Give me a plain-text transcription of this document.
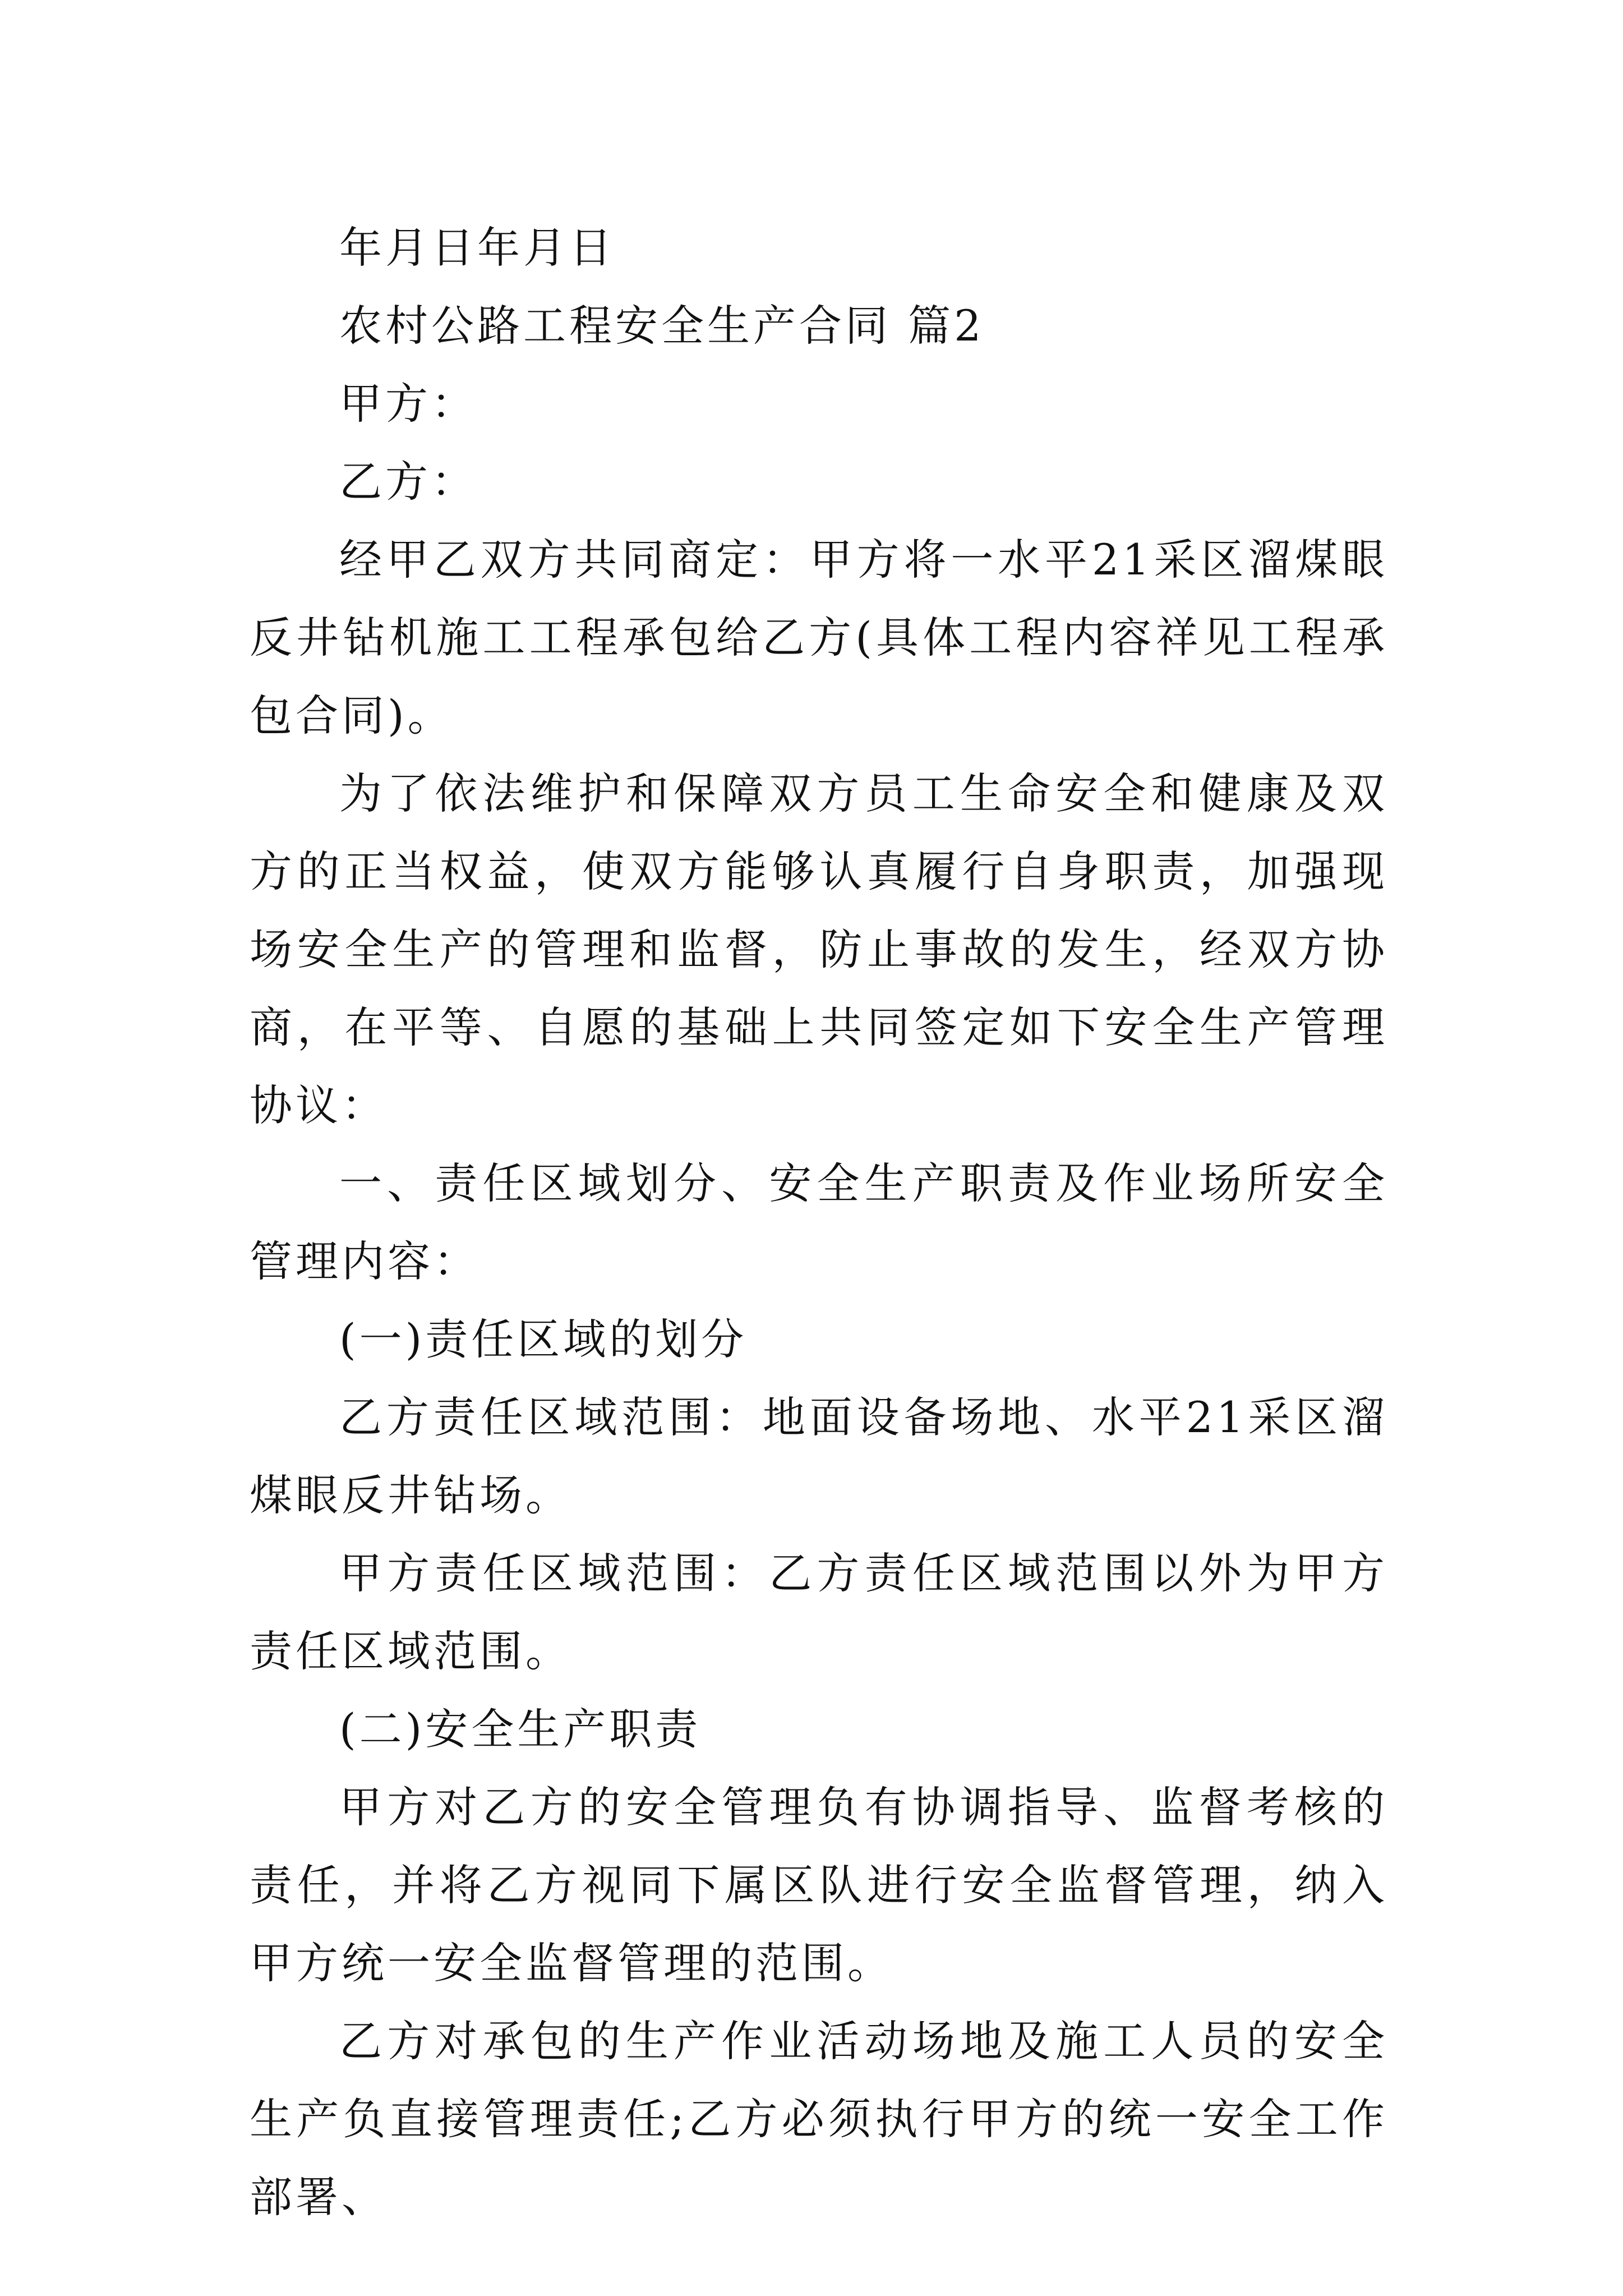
年月日年月日

农村公路工程安全生产合同 篇2

甲方：

乙方：

经甲乙双方共同商定：甲方将一水平21采区溜煤眼反井钻机施工工程承包给乙方(具体工程内容祥见工程承包合同)。

为了依法维护和保障双方员工生命安全和健康及双方的正当权益，使双方能够认真履行自身职责，加强现场安全生产的管理和监督，防止事故的发生，经双方协商，在平等、自愿的基础上共同签定如下安全生产管理协议：

一、责任区域划分、安全生产职责及作业场所安全管理内容：

(一)责任区域的划分

乙方责任区域范围：地面设备场地、水平21采区溜煤眼反井钻场。

甲方责任区域范围：乙方责任区域范围以外为甲方责任区域范围。

(二)安全生产职责

甲方对乙方的安全管理负有协调指导、监督考核的责任，并将乙方视同下属区队进行安全监督管理，纳入甲方统一安全监督管理的范围。

乙方对承包的生产作业活动场地及施工人员的安全生产负直接管理责任;乙方必须执行甲方的统一安全工作部署、
